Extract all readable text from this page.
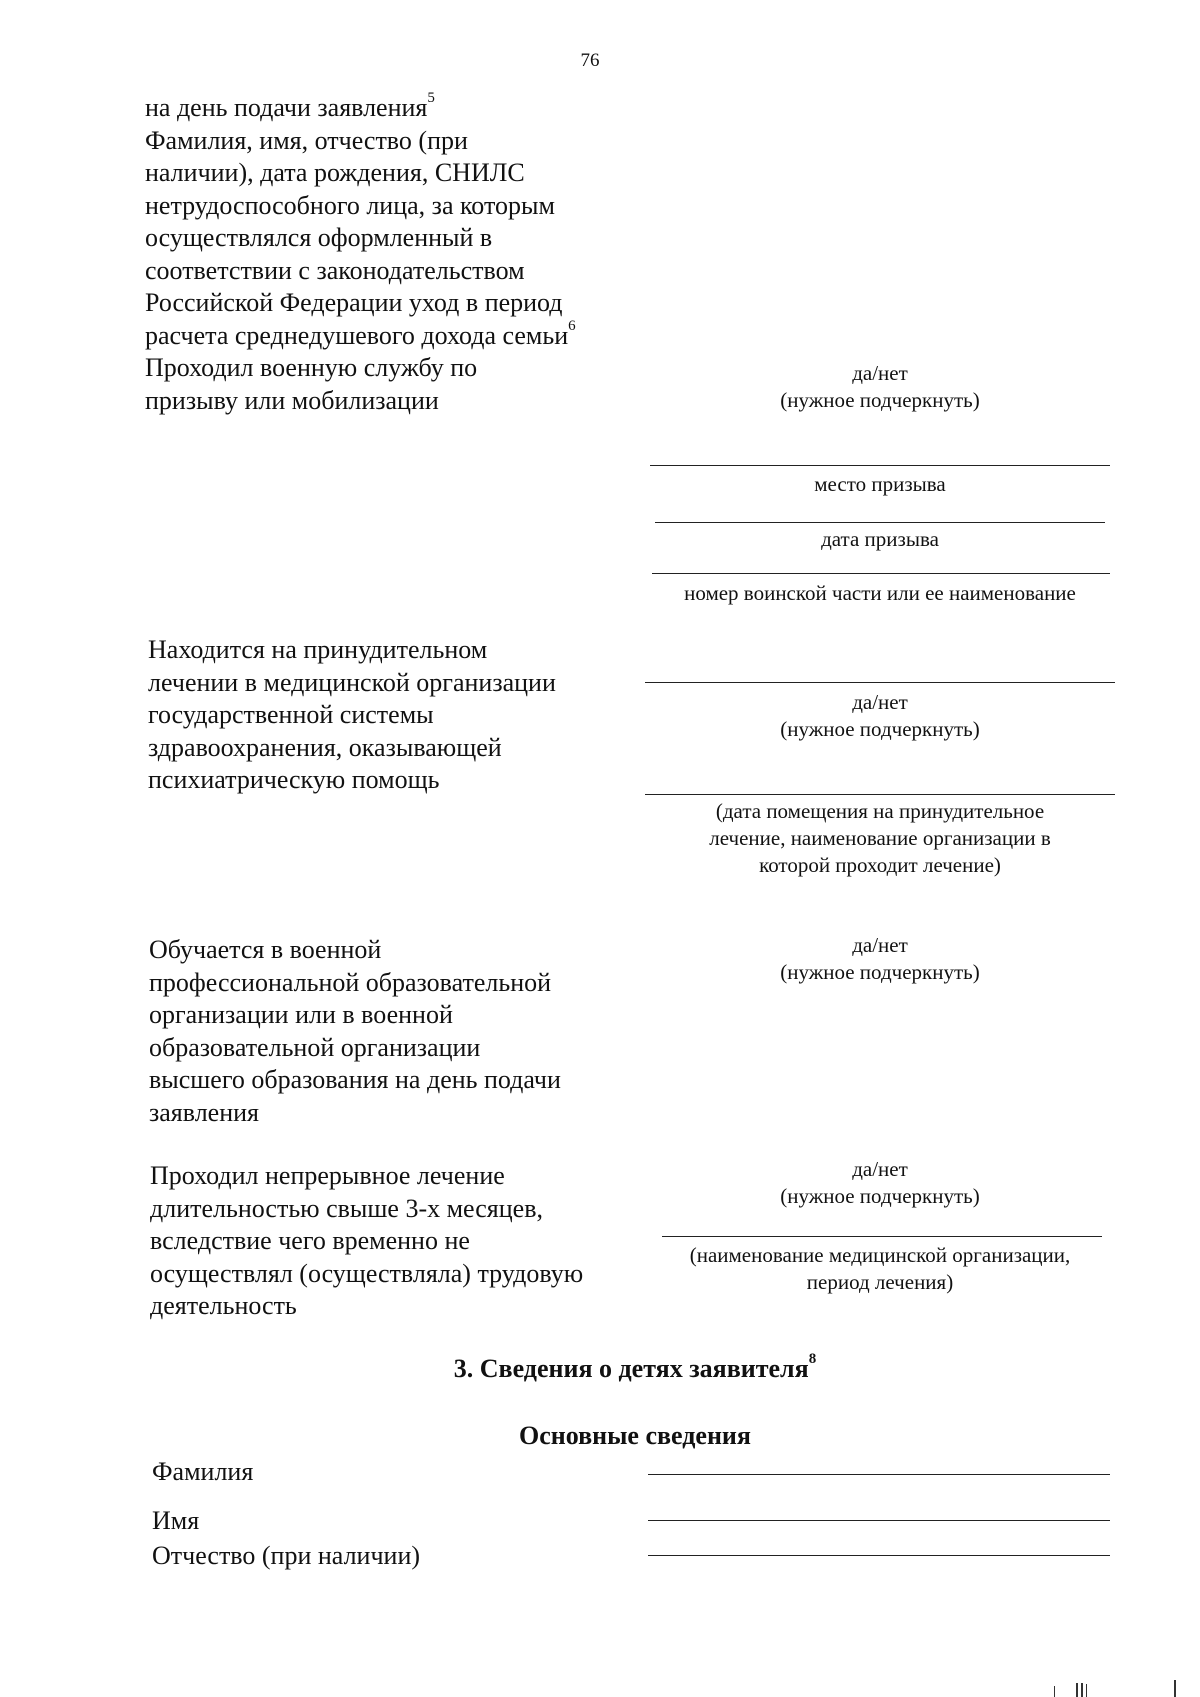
76
на день подачи заявления$^5$
Фамилия, имя, отчество (при
наличии), дата рождения, СНИЛС
нетрудоспособного лица, за которым
осуществлялся оформленный в
соответствии с законодательством
Российской Федерации уход в период
расчета среднедушевого дохода семьи$^6$
Проходил военную службу по
призыву или мобилизации
да/нет
(нужное подчеркнуть)
место призыва
дата призыва
номер воинской части или ее наименование
Находится на принудительном
лечении в медицинской организации
государственной системы
здравоохранения, оказывающей
психиатрическую помощь
да/нет
(нужное подчеркнуть)
(дата помещения на принудительное
лечение, наименование организации в
которой проходит лечение)
Обучается в военной
профессиональной образовательной
организации или в военной
образовательной организации
высшего образования на день подачи
заявления
да/нет
(нужное подчеркнуть)
Проходил непрерывное лечение
длительностью свыше 3-х месяцев,
вследствие чего временно не
осуществлял (осуществляла) трудовую
деятельность
да/нет
(нужное подчеркнуть)
(наименование медицинской организации,
период лечения)
3. Сведения о детях заявителя$^8$
Основные сведения
Фамилия
Имя
Отчество (при наличии)
